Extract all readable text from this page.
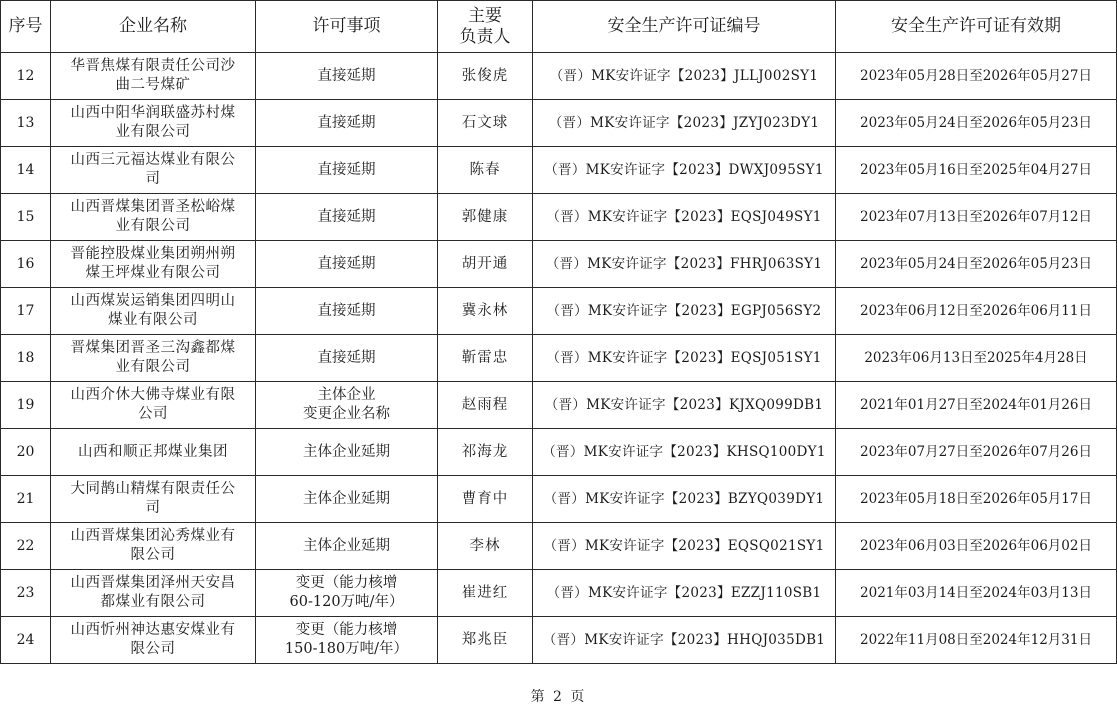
序号	企业名称	许可事项	主要
负责人	安全生产许可证编号	安全生产许可证有效期
12	华晋焦煤有限责任公司沙
曲二号煤矿	直接延期	张俊虎	（晋）MK安许证字【2023】JLLJ002SY1	2023年05月28日至2026年05月27日
13	山西中阳华润联盛苏村煤
业有限公司	直接延期	石文球	（晋）MK安许证字【2023】JZYJ023DY1	2023年05月24日至2026年05月23日
14	山西三元福达煤业有限公
司	直接延期	陈春	（晋）MK安许证字【2023】DWXJ095SY1	2023年05月16日至2025年04月27日
15	山西晋煤集团晋圣松峪煤
业有限公司	直接延期	郭健康	（晋）MK安许证字【2023】EQSJ049SY1	2023年07月13日至2026年07月12日
16	晋能控股煤业集团朔州朔
煤王坪煤业有限公司	直接延期	胡开通	（晋）MK安许证字【2023】FHRJ063SY1	2023年05月24日至2026年05月23日
17	山西煤炭运销集团四明山
煤业有限公司	直接延期	冀永林	（晋）MK安许证字【2023】EGPJ056SY2	2023年06月12日至2026年06月11日
18	晋煤集团晋圣三沟鑫都煤
业有限公司	直接延期	靳雷忠	（晋）MK安许证字【2023】EQSJ051SY1	2023年06月13日至2025年4月28日
19	山西介休大佛寺煤业有限
公司	主体企业
变更企业名称	赵雨程	（晋）MK安许证字【2023】KJXQ099DB1	2021年01月27日至2024年01月26日
20	山西和顺正邦煤业集团	主体企业延期	祁海龙	（晋）MK安许证字【2023】KHSQ100DY1	2023年07月27日至2026年07月26日
21	大同鹊山精煤有限责任公
司	主体企业延期	曹育中	（晋）MK安许证字【2023】BZYQ039DY1	2023年05月18日至2026年05月17日
22	山西晋煤集团沁秀煤业有
限公司	主体企业延期	李林	（晋）MK安许证字【2023】EQSQ021SY1	2023年06月03日至2026年06月02日
23	山西晋煤集团泽州天安昌
都煤业有限公司	变更（能力核增
60-120万吨/年）	崔进红	（晋）MK安许证字【2023】EZZJ110SB1	2021年03月14日至2024年03月13日
24	山西忻州神达惠安煤业有
限公司	变更（能力核增
150-180万吨/年）	郑兆臣	（晋）MK安许证字【2023】HHQJ035DB1	2022年11月08日至2024年12月31日
第 2 页
